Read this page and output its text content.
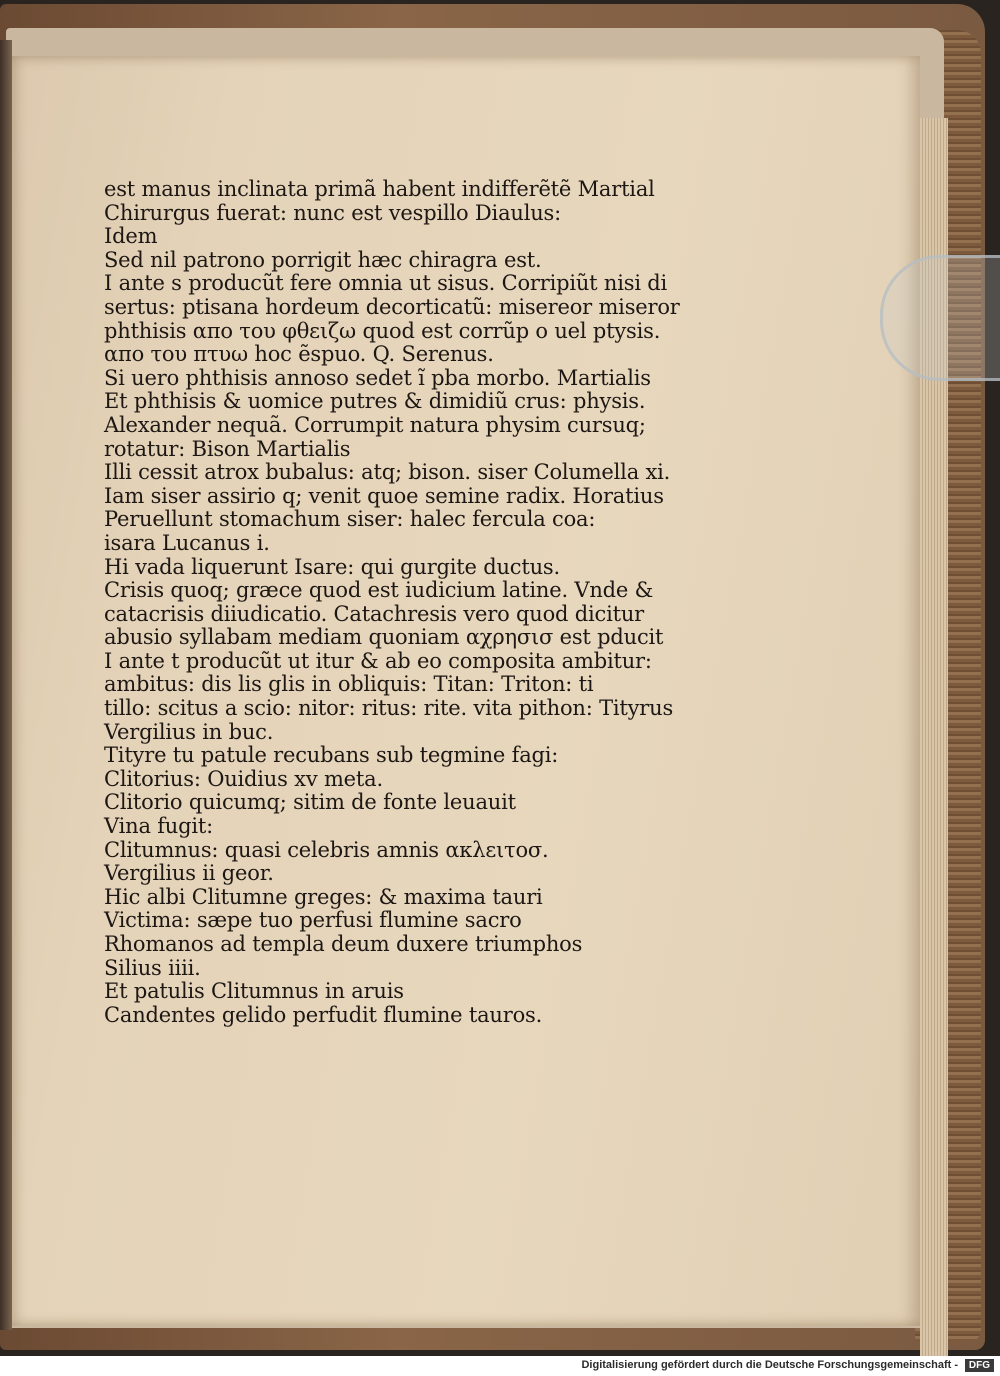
est manus inclinata primã habent indifferẽtẽ Martial
Chirurgus fuerat: nunc est vespillo Diaulus:
Idem
Sed nil patrono porrigit hæc chiragra est.
I ante s producũt fere omnia ut sisus. Corripiũt nisi di
sertus: ptisana hordeum decorticatũ: misereor miseror
phthisis απο του φθειζω quod est corrũp o uel ptysis.
απο του πτυω hoc ẽspuo. Q. Serenus.
Si uero phthisis annoso sedet ĩ pba morbo. Martialis
Et phthisis & uomice putres & dimidiũ crus: physis.
Alexander nequã. Corrumpit natura physim cursuq;
rotatur: Bison Martialis
Illi cessit atrox bubalus: atq; bison. siser Columella xi.
Iam siser assirio q; venit quoe semine radix. Horatius
Peruellunt stomachum siser: halec fercula coa:
isara Lucanus i.
Hi vada liquerunt Isare: qui gurgite ductus.
Crisis quoq; græce quod est iudicium latine. Vnde &
catacrisis diiudicatio. Catachresis vero quod dicitur
abusio syllabam mediam quoniam αχρησισ est pducit
I ante t producũt ut itur & ab eo composita ambitur:
ambitus: dis lis glis in obliquis: Titan: Triton: ti
tillo: scitus a scio: nitor: ritus: rite. vita pithon: Tityrus
Vergilius in buc.
Tityre tu patule recubans sub tegmine fagi:
Clitorius: Ouidius xv meta.
Clitorio quicumq; sitim de fonte leuauit
Vina fugit:
Clitumnus: quasi celebris amnis ακλειτοσ.
Vergilius ii geor.
Hic albi Clitumne greges: & maxima tauri
Victima: sæpe tuo perfusi flumine sacro
Rhomanos ad templa deum duxere triumphos
Silius iiii.
Et patulis Clitumnus in aruis
Candentes gelido perfudit flumine tauros.
Digitalisierung gefördert durch die Deutsche Forschungsgemeinschaft -	DFG
